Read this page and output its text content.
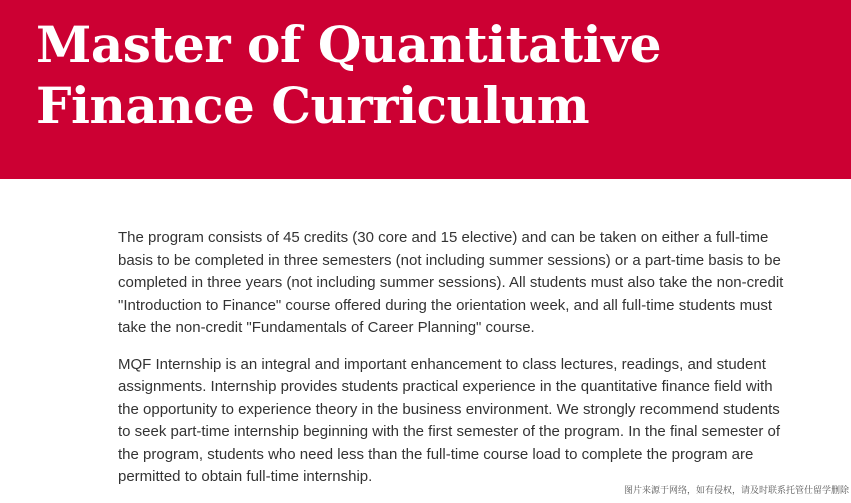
Master of Quantitative
Finance Curriculum

The program consists of 45 credits (30 core and 15 elective) and can be taken on either a full-time basis to be completed in three semesters (not including summer sessions) or a part-time basis to be completed in three years (not including summer sessions). All students must also take the non-credit "Introduction to Finance" course offered during the orientation week, and all full-time students must take the non-credit "Fundamentals of Career Planning" course.

MQF Internship is an integral and important enhancement to class lectures, readings, and student assignments. Internship provides students practical experience in the quantitative finance field with the opportunity to experience theory in the business environment. We strongly recommend students to seek part-time internship beginning with the first semester of the program. In the final semester of the program, students who need less than the full-time course load to complete the program are permitted to obtain full-time internship.

图片来源于网络，如有侵权，请及时联系托管仕留学删除
